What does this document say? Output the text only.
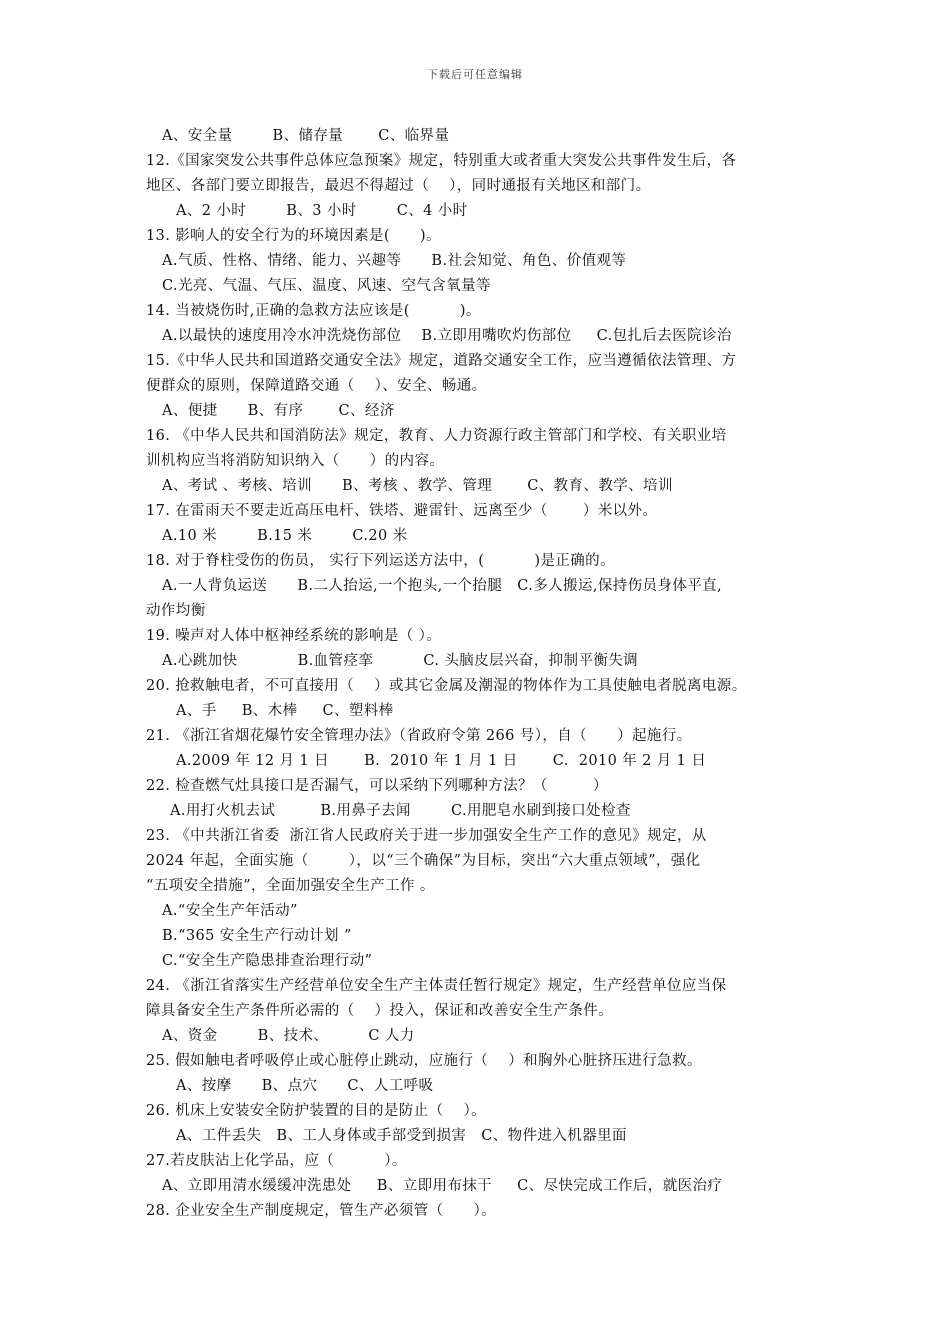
下载后可任意编辑
A、安全量        B、储存量       C、临界量
12.《国家突发公共事件总体应急预案》规定，特别重大或者重大突发公共事件发生后，各
地区、各部门要立即报告，最迟不得超过（    ），同时通报有关地区和部门。
A、2 小时        B、3 小时        C、4 小时
13. 影响人的安全行为的环境因素是(      )。
A.气质、性格、情绪、能力、兴趣等      B.社会知觉、角色、价值观等
C.光亮、气温、气压、温度、风速、空气含氧量等
14. 当被烧伤时,正确的急救方法应该是(          )。
A.以最快的速度用冷水冲洗烧伤部位    B.立即用嘴吹灼伤部位     C.包扎后去医院诊治
15.《中华人民共和国道路交通安全法》规定，道路交通安全工作，应当遵循依法管理、方
便群众的原则，保障道路交通（    ）、安全、畅通。
A、便捷      B、有序       C、经济
16. 《中华人民共和国消防法》规定，教育、人力资源行政主管部门和学校、有关职业培
训机构应当将消防知识纳入（      ）的内容。
A、考试 、考核、培训      B、考核 、教学、管理       C、教育、教学、培训
17. 在雷雨天不要走近高压电杆、铁塔、避雷针、远离至少（       ）米以外。
A.10 米        B.15 米        C.20 米
18. 对于脊柱受伤的伤员， 实行下列运送方法中，(          )是正确的。
A.一人背负运送      B.二人抬运,一个抱头,一个抬腿   C.多人搬运,保持伤员身体平直,
动作均衡
19. 噪声对人体中枢神经系统的影响是（ ）。
A.心跳加快            B.血管痉挛          C. 头脑皮层兴奋，抑制平衡失调
20. 抢救触电者，不可直接用（    ）或其它金属及潮湿的物体作为工具使触电者脱离电源。
A、手     B、木棒     C、塑料棒
21. 《浙江省烟花爆竹安全管理办法》（省政府令第 266 号），自（      ）起施行。
A.2009 年 12 月 1 日       B.  2010 年 1 月 1 日       C.  2010 年 2 月 1 日
22. 检查燃气灶具接口是否漏气，可以采纳下列哪种方法？（         ）
A.用打火机去试         B.用鼻子去闻        C.用肥皂水刷到接口处检查
23. 《中共浙江省委  浙江省人民政府关于进一步加强安全生产工作的意见》规定，从
2024 年起，全面实施（        ），以“三个确保”为目标，突出“六大重点领域”，强化
“五项安全措施”，全面加强安全生产工作 。
A.“安全生产年活动”
B.“365 安全生产行动计划 ”
C.“安全生产隐患排查治理行动”
24. 《浙江省落实生产经营单位安全生产主体责任暂行规定》规定，生产经营单位应当保
障具备安全生产条件所必需的（    ）投入，保证和改善安全生产条件。
A、资金        B、技术、        C 人力
25. 假如触电者呼吸停止或心脏停止跳动，应施行（    ）和胸外心脏挤压进行急救。
A、按摩      B、点穴      C、人工呼吸
26. 机床上安装安全防护装置的目的是防止（    ）。
A、工件丢失   B、工人身体或手部受到损害   C、物件进入机器里面
27.若皮肤沾上化学品，应（          ）。
A、立即用清水缓缓冲洗患处     B、立即用布抹干     C、尽快完成工作后，就医治疗
28. 企业安全生产制度规定，管生产必须管（      ）。
